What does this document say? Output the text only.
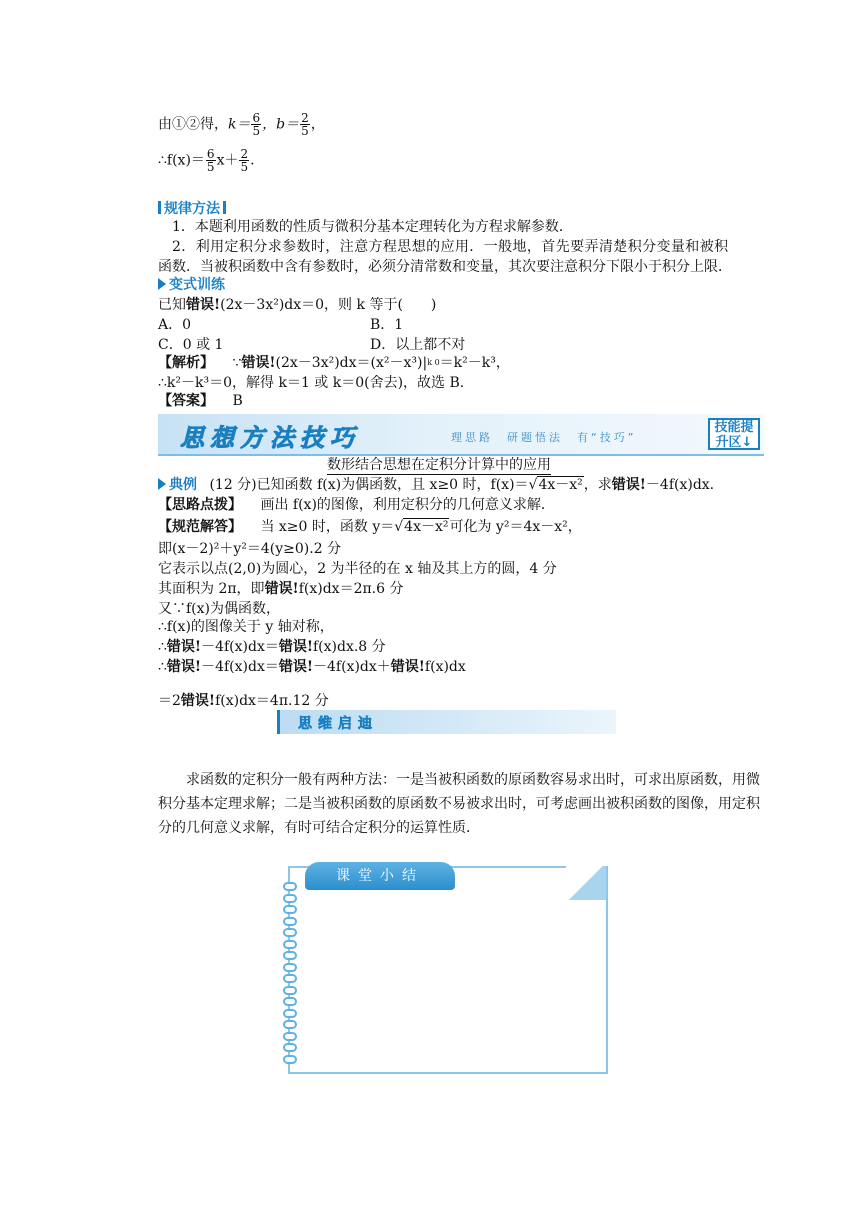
由①②得，$k= \frac{6}{5}$ ，$b= \frac{2}{5}$ ，
∴f(x)＝ $\frac{6}{5} x+ \frac{2}{5}$ .
规律方法
1．本题利用函数的性质与微积分基本定理转化为方程求解参数．
2．利用定积分求参数时，注意方程思想的应用．一般地，首先要弄清楚积分变量和被积
函数．当被积函数中含有参数时，必须分清常数和变量，其次要注意积分下限小于积分上限．
变式训练
已知错误!(2x－3x²)dx＝0，则 k 等于(　　)
A．0	B．1
C．0 或 1	D．以上都不对
【解析】 ∵错误!(2x－3x²)dx＝(x²－x³)|k 0＝k²－k³，
∴k²－k³＝0，解得 k＝1 或 k＝0(舍去)，故选 B.
【答案】 B
思想方法技巧	理思路　研题悟法　有“技巧”
技能提
升区↓
数形结合思想在定积分计算中的应用
典例 (12 分)已知函数 f(x)为偶函数，且 x≥0 时，f(x)＝√4x－x²，求错误!－4f(x)dx.
【思路点拨】 画出 f(x)的图像，利用定积分的几何意义求解．
【规范解答】 当 x≥0 时，函数 y＝√4x－x²可化为 y²＝4x－x²，
即(x－2)²＋y²＝4(y≥0).2 分
它表示以点(2,0)为圆心，2 为半径的在 x 轴及其上方的圆，4 分
其面积为 2π，即错误!f(x)dx＝2π.6 分
又∵f(x)为偶函数，
∴f(x)的图像关于 y 轴对称，
∴错误!－4f(x)dx＝错误!f(x)dx.8 分
∴错误!－4f(x)dx＝错误!－4f(x)dx＋错误!f(x)dx
＝2错误!f(x)dx＝4π.12 分
思维启迪
求函数的定积分一般有两种方法：一是当被积函数的原函数容易求出时，可求出原函数，用微积分基本定理求解；二是当被积函数的原函数不易被求出时，可考虑画出被积函数的图像，用定积分的几何意义求解，有时可结合定积分的运算性质．
课堂小结
